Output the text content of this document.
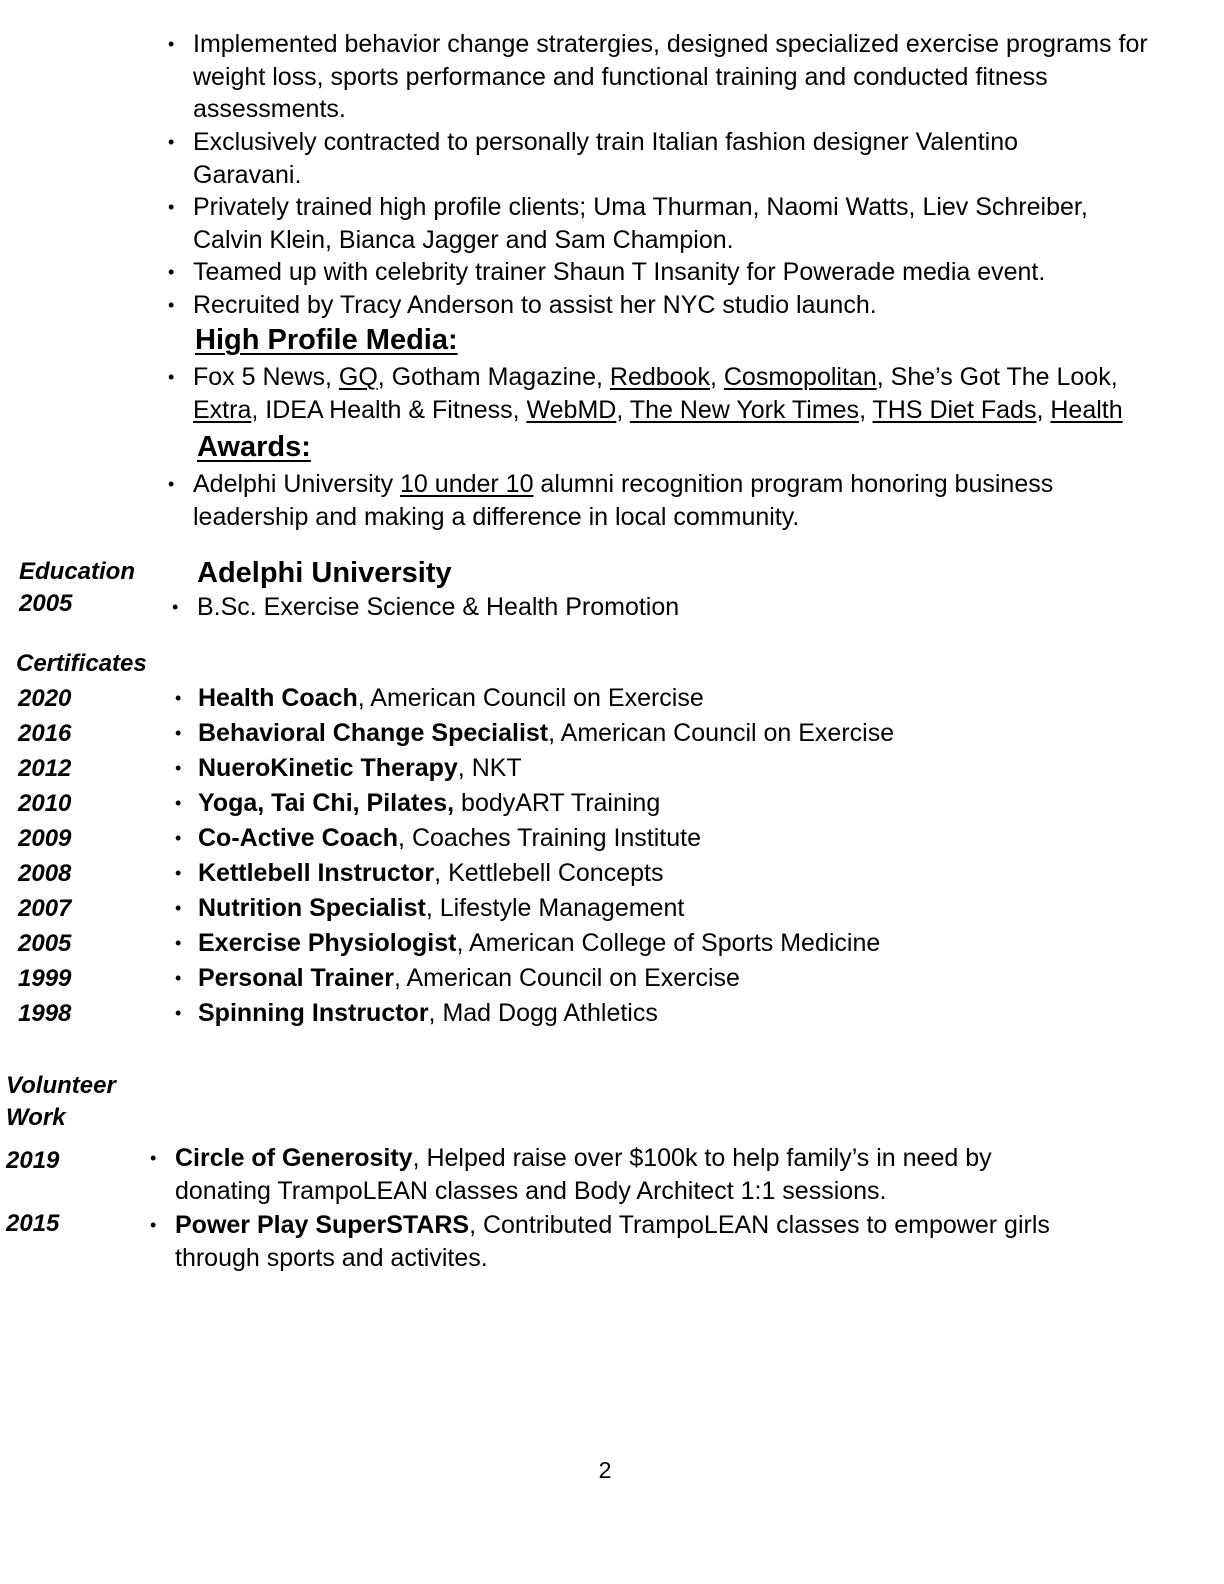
• Implemented behavior change stratergies, designed specialized exercise programs for weight loss, sports performance and functional training and conducted fitness assessments.
• Exclusively contracted to personally train Italian fashion designer Valentino Garavani.
• Privately trained high profile clients; Uma Thurman, Naomi Watts, Liev Schreiber, Calvin Klein, Bianca Jagger and Sam Champion.
• Teamed up with celebrity trainer Shaun T Insanity for Powerade media event.
• Recruited by Tracy Anderson to assist her NYC studio launch.
High Profile Media:
• Fox 5 News, GQ, Gotham Magazine, Redbook, Cosmopolitan, She’s Got The Look, Extra, IDEA Health & Fitness, WebMD, The New York Times, THS Diet Fads, Health
Awards:
• Adelphi University 10 under 10 alumni recognition program honoring business leadership and making a difference in local community.
Education
2005
Adelphi University
• B.Sc. Exercise Science & Health Promotion
Certificates
2020	• Health Coach, American Council on Exercise
2016	• Behavioral Change Specialist, American Council on Exercise
2012	• NueroKinetic Therapy, NKT
2010	• Yoga, Tai Chi, Pilates, bodyART Training
2009	• Co-Active Coach, Coaches Training Institute
2008	• Kettlebell Instructor, Kettlebell Concepts
2007	• Nutrition Specialist, Lifestyle Management
2005	• Exercise Physiologist, American College of Sports Medicine
1999	• Personal Trainer, American Council on Exercise
1998	• Spinning Instructor, Mad Dogg Athletics
Volunteer
Work
2019	• Circle of Generosity, Helped raise over $100k to help family’s in need by donating TrampoLEAN classes and Body Architect 1:1 sessions.
2015	• Power Play SuperSTARS, Contributed TrampoLEAN classes to empower girls through sports and activites.
2
